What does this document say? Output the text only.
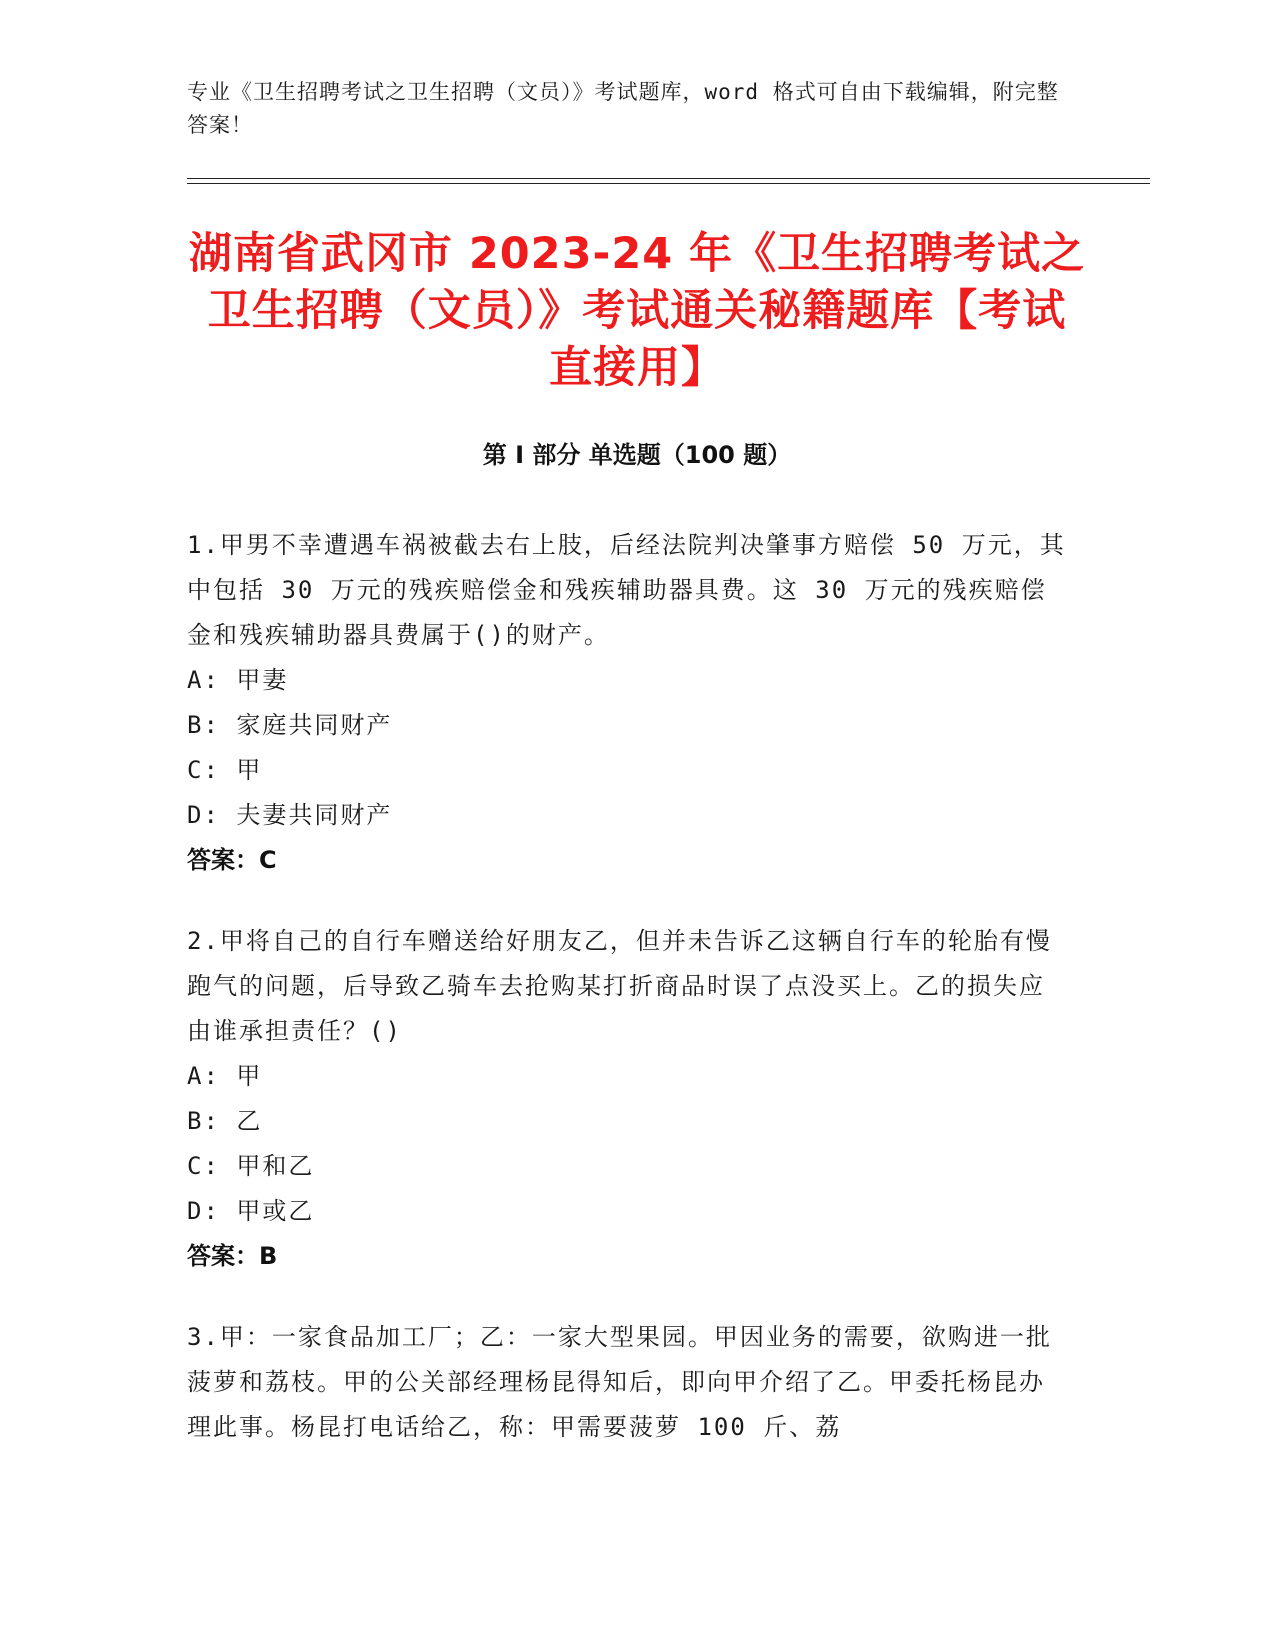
专业《卫生招聘考试之卫生招聘（文员）》考试题库，word 格式可自由下载编辑，附完整答案！
湖南省武冈市 2023-24 年《卫生招聘考试之卫生招聘（文员）》考试通关秘籍题库【考试直接用】
第 I 部分 单选题（100 题）

1.甲男不幸遭遇车祸被截去右上肢，后经法院判决肇事方赔偿 50 万元，其中包括 30 万元的残疾赔偿金和残疾辅助器具费。这 30 万元的残疾赔偿金和残疾辅助器具费属于()的财产。

A: 甲妻
B: 家庭共同财产
C: 甲
D: 夫妻共同财产
答案：C

2.甲将自己的自行车赠送给好朋友乙，但并未告诉乙这辆自行车的轮胎有慢跑气的问题，后导致乙骑车去抢购某打折商品时误了点没买上。乙的损失应由谁承担责任？()

A: 甲
B: 乙
C: 甲和乙
D: 甲或乙
答案：B

3.甲：一家食品加工厂；乙：一家大型果园。甲因业务的需要，欲购进一批菠萝和荔枝。甲的公关部经理杨昆得知后，即向甲介绍了乙。甲委托杨昆办理此事。杨昆打电话给乙，称：甲需要菠萝 100 斤、荔
